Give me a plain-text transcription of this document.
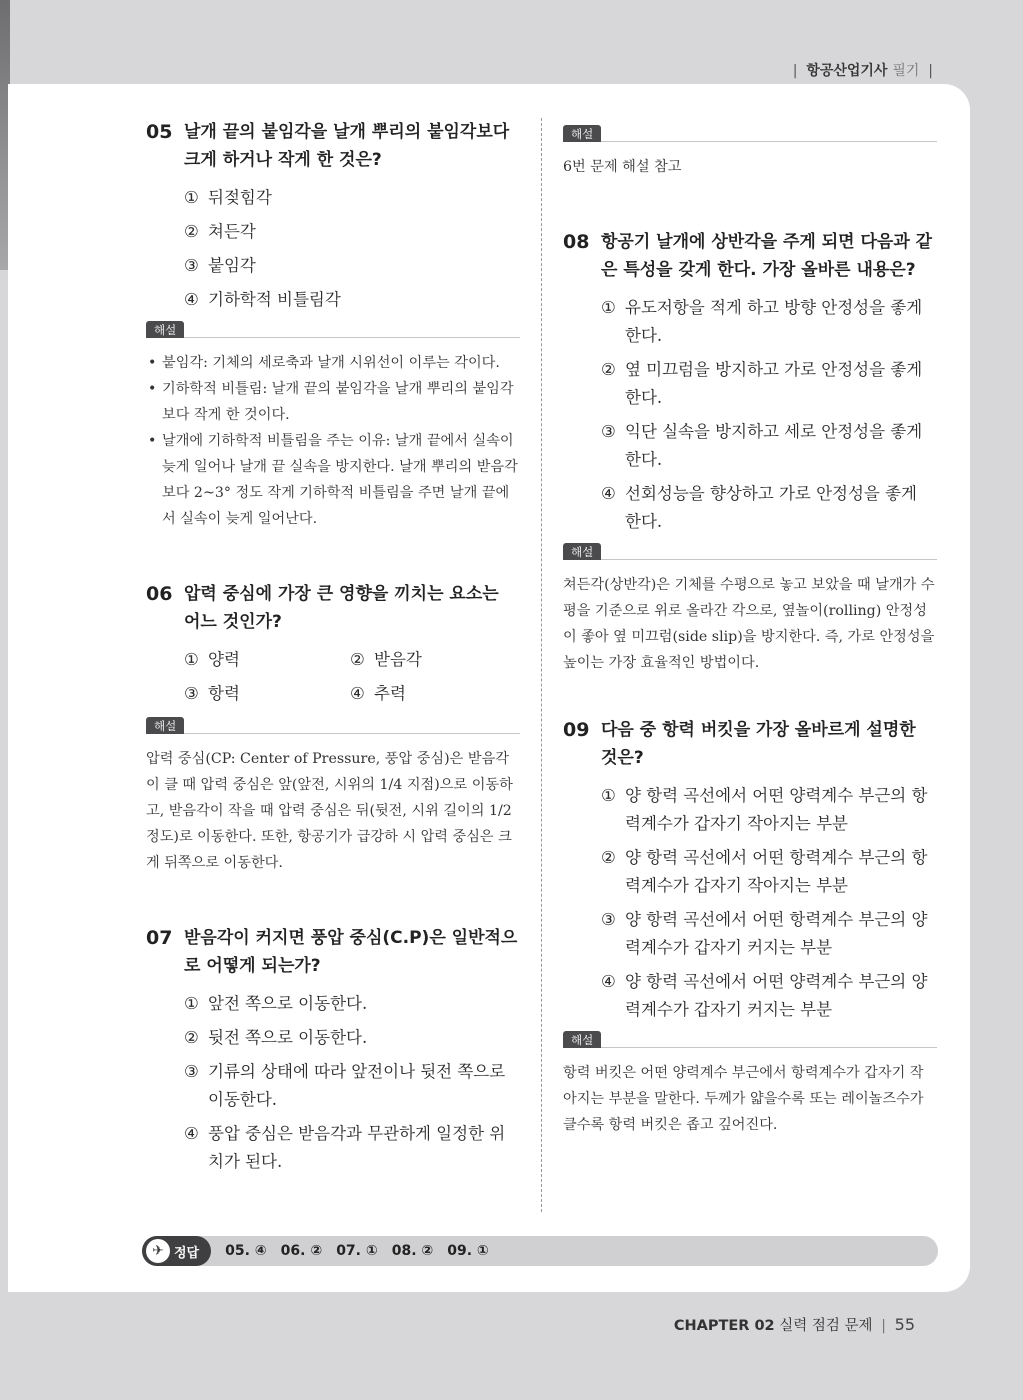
| 항공산업기사 필기 |
05 날개 끝의 붙임각을 날개 뿌리의 붙임각보다 크게 하거나 작게 한 것은?
① 뒤젖힘각
② 쳐든각
③ 붙임각
④ 기하학적 비틀림각
해설
• 붙임각: 기체의 세로축과 날개 시위선이 이루는 각이다.
• 기하학적 비틀림: 날개 끝의 붙임각을 날개 뿌리의 붙임각보다 작게 한 것이다.
• 날개에 기하학적 비틀림을 주는 이유: 날개 끝에서 실속이 늦게 일어나 날개 끝 실속을 방지한다. 날개 뿌리의 받음각보다 2~3° 정도 작게 기하학적 비틀림을 주면 날개 끝에서 실속이 늦게 일어난다.
06 압력 중심에 가장 큰 영향을 끼치는 요소는 어느 것인가?
① 양력	② 받음각
③ 항력	④ 추력
해설
압력 중심(CP: Center of Pressure, 풍압 중심)은 받음각이 클 때 압력 중심은 앞(앞전, 시위의 1/4 지점)으로 이동하고, 받음각이 작을 때 압력 중심은 뒤(뒷전, 시위 길이의 1/2 정도)로 이동한다. 또한, 항공기가 급강하 시 압력 중심은 크게 뒤쪽으로 이동한다.
07 받음각이 커지면 풍압 중심(C.P)은 일반적으로 어떻게 되는가?
① 앞전 쪽으로 이동한다.
② 뒷전 쪽으로 이동한다.
③ 기류의 상태에 따라 앞전이나 뒷전 쪽으로 이동한다.
④ 풍압 중심은 받음각과 무관하게 일정한 위치가 된다.
해설
6번 문제 해설 참고
08 항공기 날개에 상반각을 주게 되면 다음과 같은 특성을 갖게 한다. 가장 올바른 내용은?
① 유도저항을 적게 하고 방향 안정성을 좋게 한다.
② 옆 미끄럼을 방지하고 가로 안정성을 좋게 한다.
③ 익단 실속을 방지하고 세로 안정성을 좋게 한다.
④ 선회성능을 향상하고 가로 안정성을 좋게 한다.
해설
쳐든각(상반각)은 기체를 수평으로 놓고 보았을 때 날개가 수평을 기준으로 위로 올라간 각으로, 옆놀이(rolling) 안정성이 좋아 옆 미끄럼(side slip)을 방지한다. 즉, 가로 안정성을 높이는 가장 효율적인 방법이다.
09 다음 중 항력 버킷을 가장 올바르게 설명한 것은?
① 양 항력 곡선에서 어떤 양력계수 부근의 항력계수가 갑자기 작아지는 부분
② 양 항력 곡선에서 어떤 항력계수 부근의 항력계수가 갑자기 작아지는 부분
③ 양 항력 곡선에서 어떤 항력계수 부근의 양력계수가 갑자기 커지는 부분
④ 양 항력 곡선에서 어떤 양력계수 부근의 양력계수가 갑자기 커지는 부분
해설
항력 버킷은 어떤 양력계수 부근에서 항력계수가 갑자기 작아지는 부분을 말한다. 두께가 얇을수록 또는 레이놀즈수가 클수록 항력 버킷은 좁고 깊어진다.
✈ 정답 05. ④ 06. ② 07. ① 08. ② 09. ①
CHAPTER 02 실력 점검 문제 | 55
